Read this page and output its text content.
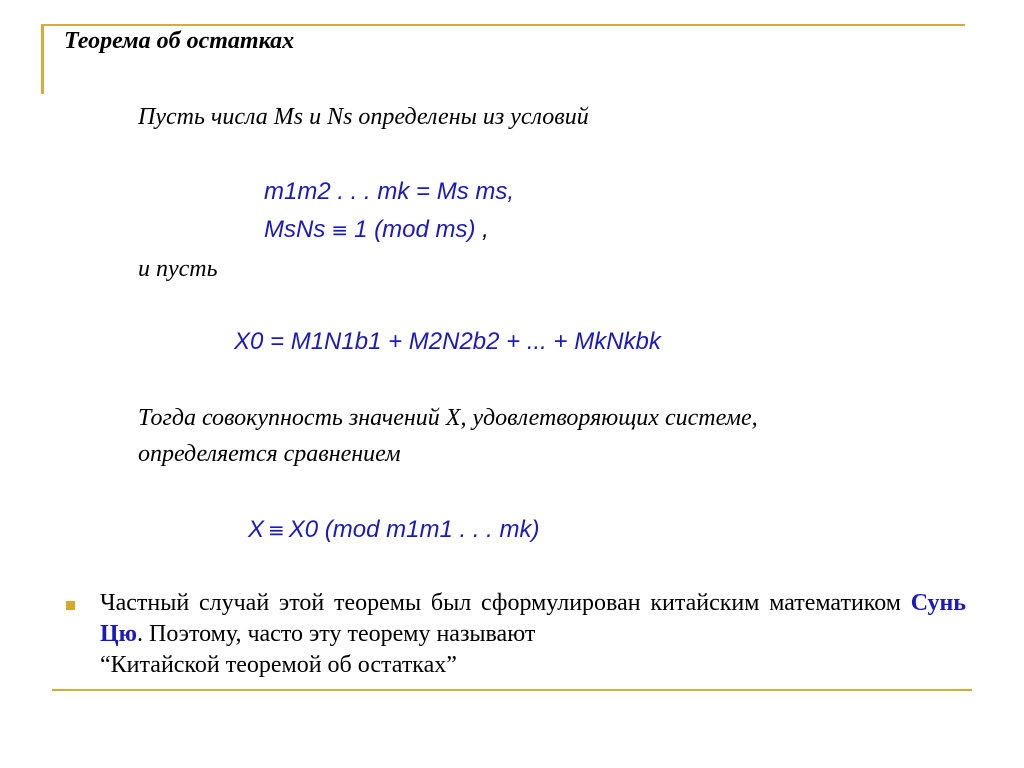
Теорема об остатках

Пусть числа Ms и Ns определены из условий

m1m2 . . . mk = Ms ms,

MsNs ≡ 1 (mod ms) ,

и пусть

X0 = M1N1b1 + M2N2b2 + ... + MkNkbk

Тогда совокупность значений X, удовлетворяющих системе,

определяется сравнением

X ≡ X0 (mod m1m1 . . . mk)

Частный случай этой теоремы был сформулирован китайским математиком Сунь Цю. Поэтому, часто эту теорему называют
“Китайской теоремой об остатках”
